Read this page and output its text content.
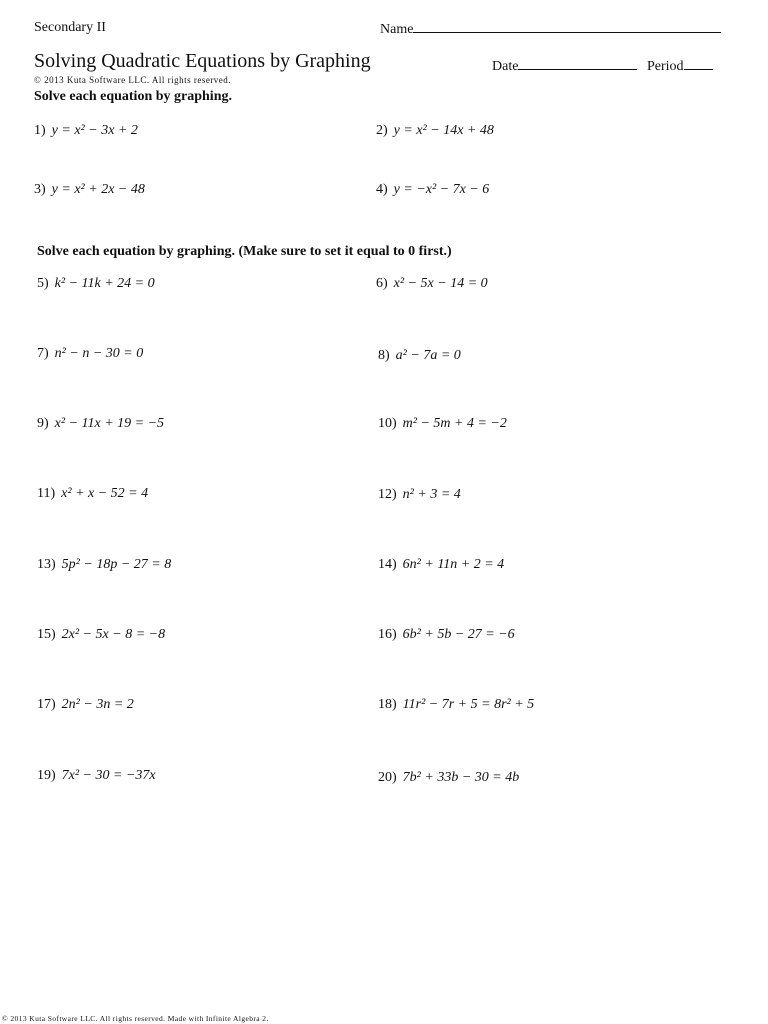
Secondary II	Name
Solving Quadratic Equations by Graphing	Date	Period
© 2013 Kuta Software LLC. All rights reserved.
Solve each equation by graphing.
Solve each equation by graphing. (Make sure to set it equal to 0 first.)
1) y = x² − 3x + 2	2) y = x² − 14x + 48
3) y = x² + 2x − 48	4) y = −x² − 7x − 6
5) k² − 11k + 24 = 0	6) x² − 5x − 14 = 0
7) n² − n − 30 = 0	8) a² − 7a = 0
9) x² − 11x + 19 = −5	10) m² − 5m + 4 = −2
11) x² + x − 52 = 4	12) n² + 3 = 4
13) 5p² − 18p − 27 = 8	14) 6n² + 11n + 2 = 4
15) 2x² − 5x − 8 = −8	16) 6b² + 5b − 27 = −6
17) 2n² − 3n = 2	18) 11r² − 7r + 5 = 8r² + 5
19) 7x² − 30 = −37x	20) 7b² + 33b − 30 = 4b
© 2013 Kuta Software LLC. All rights reserved. Made with Infinite Algebra 2.
